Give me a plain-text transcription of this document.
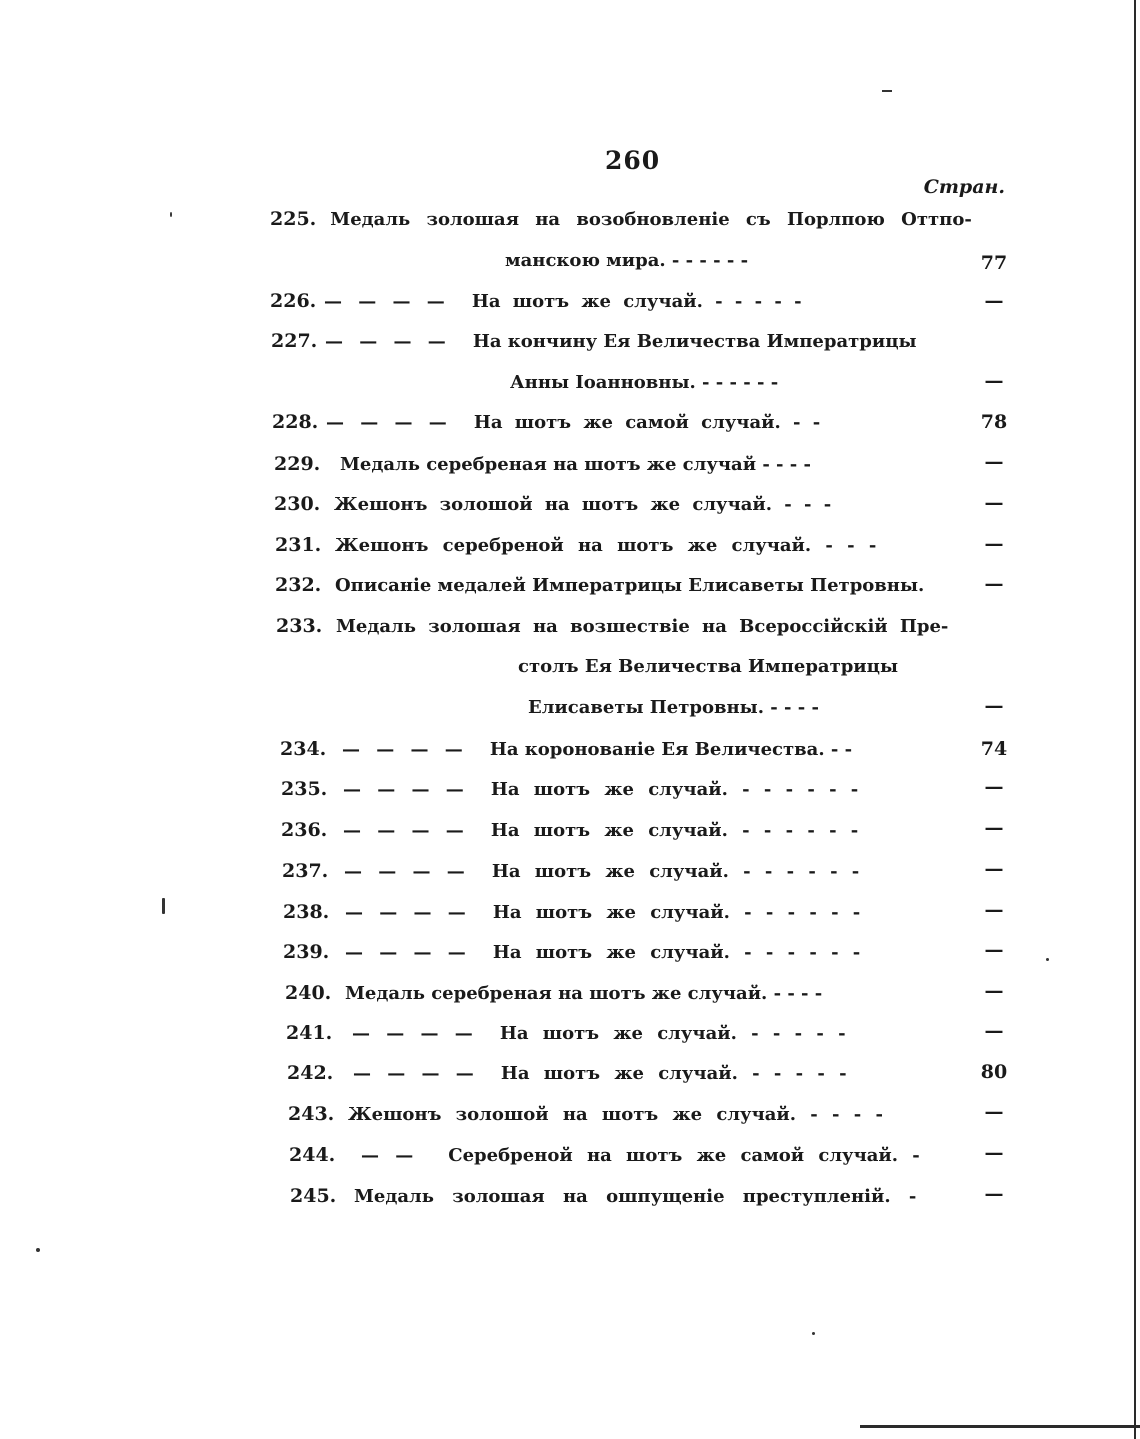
260
Стран.
225. Медаль золошая на возобновленіе съ Порлпою Оттпо-
манскою мира. - - - - - -	77
226. — — — — На шотъ же случай. - - - - -	—
227. — — — — На кончину Ея Величества Императрицы
Анны Іоанновны. - - - - - -	—
228. — — — — На шотъ же самой случай. - -	78
229. Медаль серебреная на шотъ же случай - - - -	—
230. Жешонъ золошой на шотъ же случай. - - -	—
231. Жешонъ серебреной на шотъ же случай. - - -	—
232. Описаніе медалей Императрицы Елисаветы Петровны.	—
233. Медаль золошая на возшествіе на Всероссійскій Пре-
столъ Ея Величества Императрицы
Елисаветы Петровны. - - - -	—
234. — — — — На коронованіе Ея Величества. - -	74
235. — — — — На шотъ же случай. - - - - - -	—
236. — — — — На шотъ же случай. - - - - - -	—
237. — — — — На шотъ же случай. - - - - - -	—
238. — — — — На шотъ же случай. - - - - - -	—
239. — — — — На шотъ же случай. - - - - - -	—
240. Медаль серебреная на шотъ же случай. - - - -	—
241. — — — — На шотъ же случай. - - - - -	—
242. — — — — На шотъ же случай. - - - - -	80
243. Жешонъ золошой на шотъ же случай. - - - -	—
244. — — Серебреной на шотъ же самой случай. -	—
245. Медаль золошая на ошпущеніе преступленій. -	—
